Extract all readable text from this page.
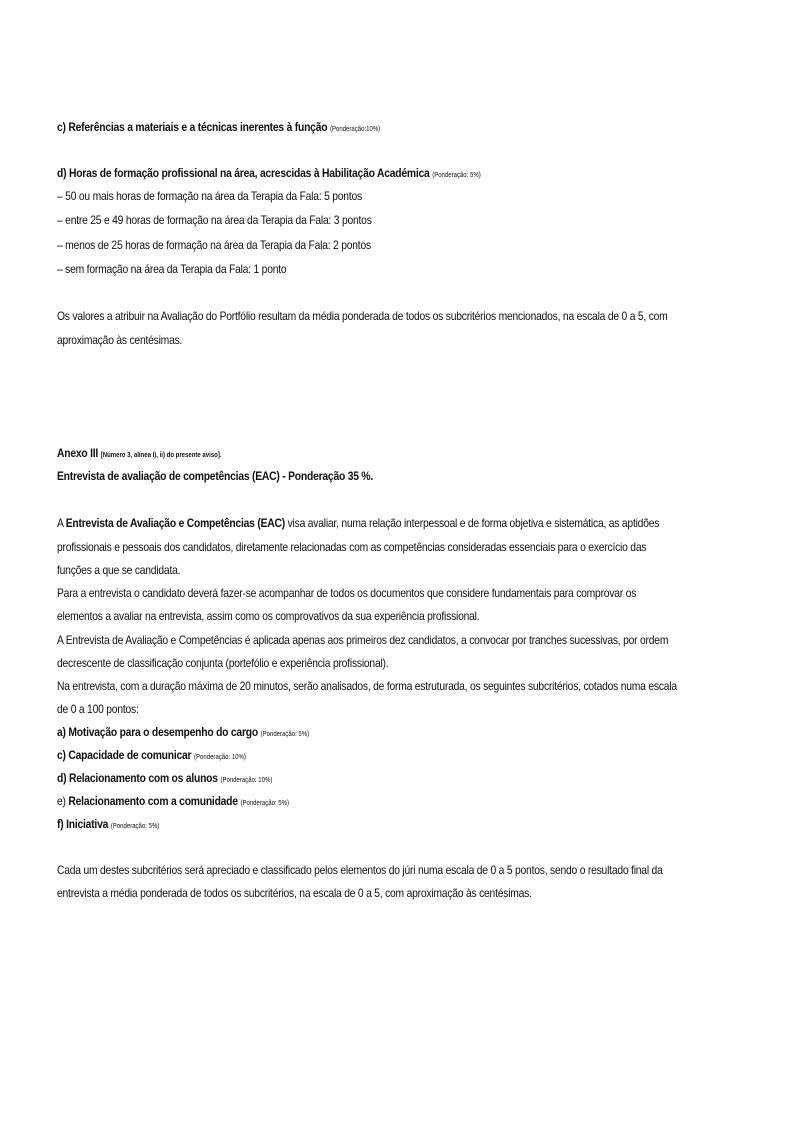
c) Referências a materiais e a técnicas inerentes à função (Ponderação:10%)
d) Horas de formação profissional na área, acrescidas à Habilitação Académica (Ponderação: 5%)
– 50 ou mais horas de formação na área da Terapia da Fala: 5 pontos
– entre 25 e 49 horas de formação na área da Terapia da Fala: 3 pontos
– menos de 25 horas de formação na área da Terapia da Fala: 2 pontos
– sem formação na área da Terapia da Fala: 1 ponto
Os valores a atribuir na Avaliação do Portfólio resultam da média ponderada de todos os subcritérios mencionados, na escala de 0 a 5, com
aproximação às centésimas.
Anexo III [Número 3, alínea I), ii) do presente aviso].
Entrevista de avaliação de competências (EAC) - Ponderação 35 %.
A Entrevista de Avaliação e Competências (EAC) visa avaliar, numa relação interpessoal e de forma objetiva e sistemática, as aptidões
profissionais e pessoais dos candidatos, diretamente relacionadas com as competências consideradas essenciais para o exercício das
funções a que se candidata.
Para a entrevista o candidato deverá fazer-se acompanhar de todos os documentos que considere fundamentais para comprovar os
elementos a avaliar na entrevista, assim como os comprovativos da sua experiência profissional.
A Entrevista de Avaliação e Competências é aplicada apenas aos primeiros dez candidatos, a convocar por tranches sucessivas, por ordem
decrescente de classificação conjunta (portefólio e experiência profissional).
Na entrevista, com a duração máxima de 20 minutos, serão analisados, de forma estruturada, os seguintes subcritérios, cotados numa escala
de 0 a 100 pontos:
a) Motivação para o desempenho do cargo (Ponderação: 5%)
c) Capacidade de comunicar (Ponderação: 10%)
d) Relacionamento com os alunos (Ponderação: 10%)
e) Relacionamento com a comunidade (Ponderação: 5%)
f) Iniciativa (Ponderação: 5%)
Cada um destes subcritérios será apreciado e classificado pelos elementos do júri numa escala de 0 a 5 pontos, sendo o resultado final da
entrevista a média ponderada de todos os subcritérios, na escala de 0 a 5, com aproximação às centésimas.
